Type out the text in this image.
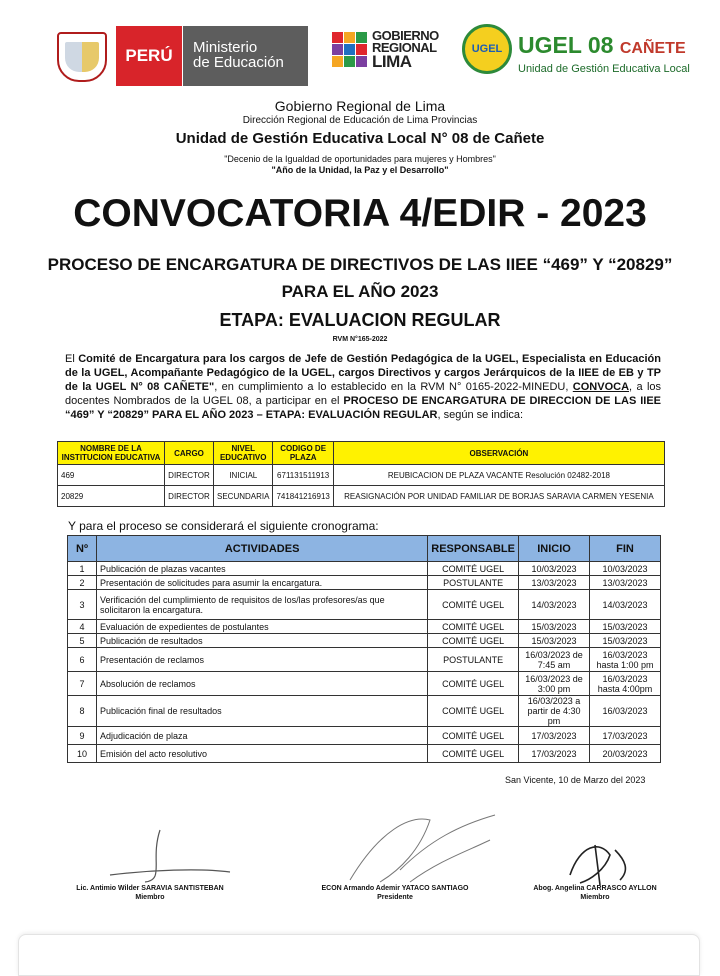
PERÚ Ministerio
de Educación
GOBIERNO
REGIONAL
LIMA
UGEL UGEL 08 CAÑETE
Unidad de Gestión Educativa Local
Gobierno Regional de Lima
Dirección Regional de Educación de Lima Provincias
Unidad de Gestión Educativa Local N° 08 de Cañete
"Decenio de la Igualdad de oportunidades para mujeres y Hombres"
"Año de la Unidad, la Paz y el Desarrollo"
CONVOCATORIA 4/EDIR - 2023
PROCESO DE ENCARGATURA DE DIRECTIVOS DE LAS IIEE “469” Y “20829”
PARA EL AÑO 2023
ETAPA: EVALUACION REGULAR
RVM N°165-2022
El Comité de Encargatura para los cargos de Jefe de Gestión Pedagógica de la UGEL, Especialista en Educación de la UGEL, Acompañante Pedagógico de la UGEL, cargos Directivos y cargos Jerárquicos de la IIEE de EB y TP de la UGEL N° 08 CAÑETE", en cumplimiento a lo establecido en la RVM N° 0165-2022-MINEDU, CONVOCA, a los docentes Nombrados de la UGEL 08, a participar en el PROCESO DE ENCARGATURA DE DIRECCION DE LAS IIEE “469” Y “20829” PARA EL AÑO 2023 – ETAPA: EVALUACIÓN REGULAR, según se indica:
NOMBRE DE LA INSTITUCION EDUCATIVA	CARGO	NIVEL EDUCATIVO	CODIGO DE PLAZA	OBSERVACIÓN
469	DIRECTOR	INICIAL	671131511913	REUBICACION DE PLAZA VACANTE Resolución 02482-2018
20829	DIRECTOR	SECUNDARIA	741841216913	REASIGNACIÓN POR UNIDAD FAMILIAR DE BORJAS SARAVIA CARMEN YESENIA
Y para el proceso se considerará el siguiente cronograma:
Nº	ACTIVIDADES	RESPONSABLE	INICIO	FIN
1	Publicación de plazas vacantes	COMITÉ UGEL	10/03/2023	10/03/2023
2	Presentación de solicitudes para asumir la encargatura.	POSTULANTE	13/03/2023	13/03/2023
3	Verificación del cumplimiento de requisitos de los/las profesores/as que solicitaron la encargatura.	COMITÉ UGEL	14/03/2023	14/03/2023
4	Evaluación de expedientes de postulantes	COMITÉ UGEL	15/03/2023	15/03/2023
5	Publicación de resultados	COMITÉ UGEL	15/03/2023	15/03/2023
6	Presentación de reclamos	POSTULANTE	16/03/2023 de 7:45 am	16/03/2023 hasta 1:00 pm
7	Absolución de reclamos	COMITÉ UGEL	16/03/2023 de 3:00 pm	16/03/2023 hasta 4:00pm
8	Publicación final de resultados	COMITÉ UGEL	16/03/2023 a partir de 4:30 pm	16/03/2023
9	Adjudicación de plaza	COMITÉ UGEL	17/03/2023	17/03/2023
10	Emisión del acto resolutivo	COMITÉ UGEL	17/03/2023	20/03/2023
San Vicente, 10 de Marzo del 2023
Lic. Antimio Wilder SARAVIA SANTISTEBAN
Miembro
ECON Armando Ademir YATACO SANTIAGO
Presidente
Abog. Angelina CARRASCO AYLLON
Miembro
